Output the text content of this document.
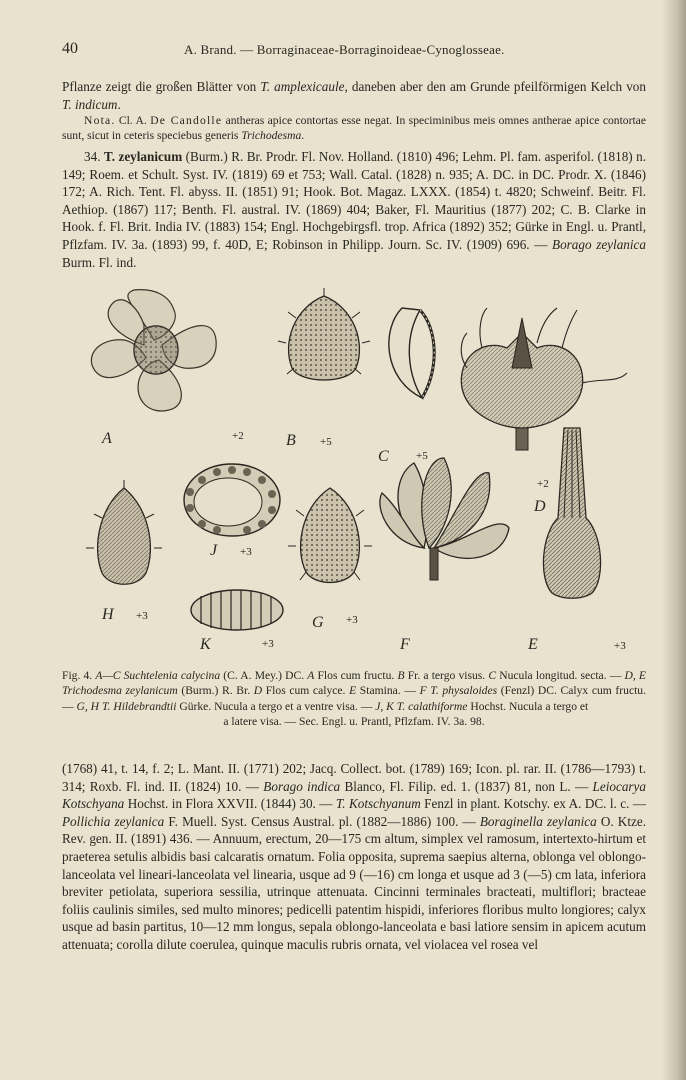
40	A. Brand. — Borraginaceae-Borraginoideae-Cynoglosseae.

Pflanze zeigt die großen Blätter von T. amplexicaule, daneben aber den am Grunde pfeilförmigen Kelch von T. indicum.

Nota. Cl. A. De Candolle antheras apice contortas esse negat. In speciminibus meis omnes antherae apice contortae sunt, sicut in ceteris speciebus generis Trichodesma.

34. T. zeylanicum (Burm.) R. Br. Prodr. Fl. Nov. Holland. (1810) 496; Lehm. Pl. fam. asperifol. (1818) n. 149; Roem. et Schult. Syst. IV. (1819) 69 et 753; Wall. Catal. (1828) n. 935; A. DC. in DC. Prodr. X. (1846) 172; A. Rich. Tent. Fl. abyss. II. (1851) 91; Hook. Bot. Magaz. LXXX. (1854) t. 4820; Schweinf. Beitr. Fl. Aethiop. (1867) 117; Benth. Fl. austral. IV. (1869) 404; Baker, Fl. Mauritius (1877) 202; C. B. Clarke in Hook. f. Fl. Brit. India IV. (1883) 154; Engl. Hochgebirgsfl. trop. Africa (1892) 352; Gürke in Engl. u. Prantl, Pflzfam. IV. 3a. (1893) 99, f. 40D, E; Robinson in Philipp. Journ. Sc. IV. (1909) 696. — Borago zeylanica Burm. Fl. ind.

A	+2	B +5
C +5
+2
D
J +3
H +3	G +3
K	+3	F	E	+3

Fig. 4. A—C Suchtelenia calycina (C. A. Mey.) DC. A Flos cum fructu. B Fr. a tergo visus. C Nucula longitud. secta. — D, E Trichodesma zeylanicum (Burm.) R. Br. D Flos cum calyce. E Stamina. — F T. physaloides (Fenzl) DC. Calyx cum fructu. — G, H T. Hildebrandtii Gürke. Nucula a tergo et a ventre visa. — J, K T. calathiforme Hochst. Nucula a tergo et

a latere visa. — Sec. Engl. u. Prantl, Pflzfam. IV. 3a. 98.

(1768) 41, t. 14, f. 2; L. Mant. II. (1771) 202; Jacq. Collect. bot. (1789) 169; Icon. pl. rar. II. (1786—1793) t. 314; Roxb. Fl. ind. II. (1824) 10. — Borago indica Blanco, Fl. Filip. ed. 1. (1837) 81, non L. — Leiocarya Kotschyana Hochst. in Flora XXVII. (1844) 30. — T. Kotschyanum Fenzl in plant. Kotschy. ex A. DC. l. c. — Pollichia zeylanica F. Muell. Syst. Census Austral. pl. (1882—1886) 100. — Boraginella zeylanica O. Ktze. Rev. gen. II. (1891) 436. — Annuum, erectum, 20—175 cm altum, simplex vel ramosum, intertexto-hirtum et praeterea setulis albidis basi calcaratis ornatum. Folia opposita, suprema saepius alterna, oblonga vel oblongo-lanceolata vel lineari-lanceolata vel linearia, usque ad 9 (—16) cm longa et usque ad 3 (—5) cm lata, inferiora breviter petiolata, superiora sessilia, utrinque attenuata. Cincinni terminales bracteati, multiflori; bracteae foliis caulinis similes, sed multo minores; pedicelli patentim hispidi, inferiores floribus multo longiores; calyx usque ad basin partitus, 10—12 mm longus, sepala oblongo-lanceolata e basi latiore sensim in apicem acutum attenuata; corolla dilute coerulea, quinque maculis rubris ornata, vel violacea vel rosea vel
